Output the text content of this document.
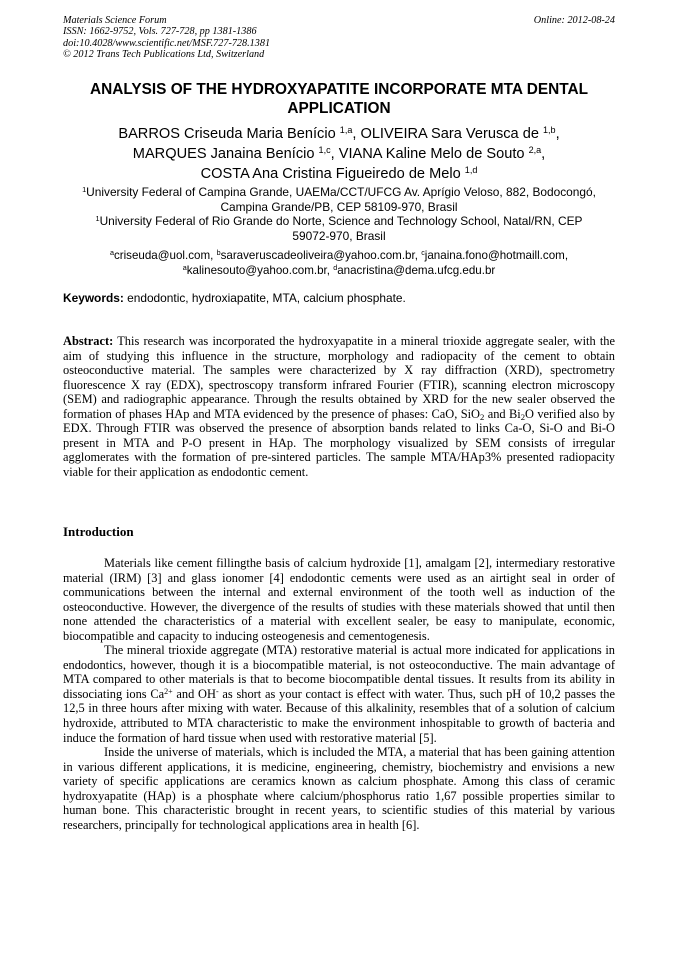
Materials Science Forum
ISSN: 1662-9752, Vols. 727-728, pp 1381-1386
doi:10.4028/www.scientific.net/MSF.727-728.1381
© 2012 Trans Tech Publications Ltd, Switzerland
Online: 2012-08-24
ANALYSIS OF THE HYDROXYAPATITE INCORPORATE MTA DENTAL
APPLICATION
BARROS Criseuda Maria Benício $^{1,a}$, OLIVEIRA Sara Verusca de $^{1,b}$,
MARQUES Janaina Benício $^{1,c}$, VIANA Kaline Melo de Souto $^{2,a}$,
COSTA Ana Cristina Figueiredo de Melo $^{1,d}$
$^1$University Federal of Campina Grande, UAEMa/CCT/UFCG Av. Aprígio Veloso, 882, Bodocongó,
Campina Grande/PB, CEP 58109-970, Brasil
$^1$University Federal of Rio Grande do Norte, Science and Technology School, Natal/RN, CEP
59072-970, Brasil
$^a$criseuda@uol.com, $^b$saraveruscadeoliveira@yahoo.com.br, $^c$janaina.fono@hotmaill.com,
$^a$kalinesouto@yahoo.com.br, $^d$anacristina@dema.ufcg.edu.br
Keywords: endodontic, hydroxiapatite, MTA, calcium phosphate.
Abstract: This research was incorporated the hydroxyapatite in a mineral trioxide aggregate sealer, with the aim of studying this influence in the structure, morphology and radiopacity of the cement to obtain osteoconductive material. The samples were characterized by X ray diffraction (XRD), spectrometry fluorescence X ray (EDX), spectroscopy transform infrared Fourier (FTIR), scanning electron microscopy (SEM) and radiographic appearance. Through the results obtained by XRD for the new sealer observed the formation of phases HAp and MTA evidenced by the presence of phases: CaO, SiO$_2$ and $Bi_2O$ verified also by EDX. Through FTIR was observed the presence of absorption bands related to links Ca-O, Si-O and Bi-O present in MTA and P-O present in HAp. The morphology visualized by SEM consists of irregular agglomerates with the formation of pre-sintered particles. The sample MTA/HAp3% presented radiopacity viable for their application as endodontic cement.
Introduction

Materials like cement fillingthe basis of calcium hydroxide [1], amalgam [2], intermediary restorative material (IRM) [3] and glass ionomer [4] endodontic cements were used as an airtight seal in order of communications between the internal and external environment of the tooth well as induction of the osteoconductive. However, the divergence of the results of studies with these materials showed that until then none attended the characteristics of a material with excellent sealer, be easy to manipulate, economic, biocompatible and capacity to inducing osteogenesis and cementogenesis.

The mineral trioxide aggregate (MTA) restorative material is actual more indicated for applications in endodontics, however, though it is a biocompatible material, is not osteoconductive. The main advantage of MTA compared to other materials is that to become biocompatible dental tissues. It results from its ability in dissociating ions $Ca^{2+}$ and OH- as short as your contact is effect with water. Thus, such pH of 10,2 passes the 12,5 in three hours after mixing with water. Because of this alkalinity, resembles that of a solution of calcium hydroxide, attributed to MTA characteristic to make the environment inhospitable to growth of bacteria and induce the formation of hard tissue when used with restorative material [5].

Inside the universe of materials, which is included the MTA, a material that has been gaining attention in various different applications, it is medicine, engineering, chemistry, biochemistry and envisions a new variety of specific applications are ceramics known as calcium phosphate. Among this class of ceramic hydroxyapatite (HAp) is a phosphate where calcium/phosphorus ratio 1,67 possible properties similar to human bone. This characteristic brought in recent years, to scientific studies of this material by various researchers, principally for technological applications area in health [6].
